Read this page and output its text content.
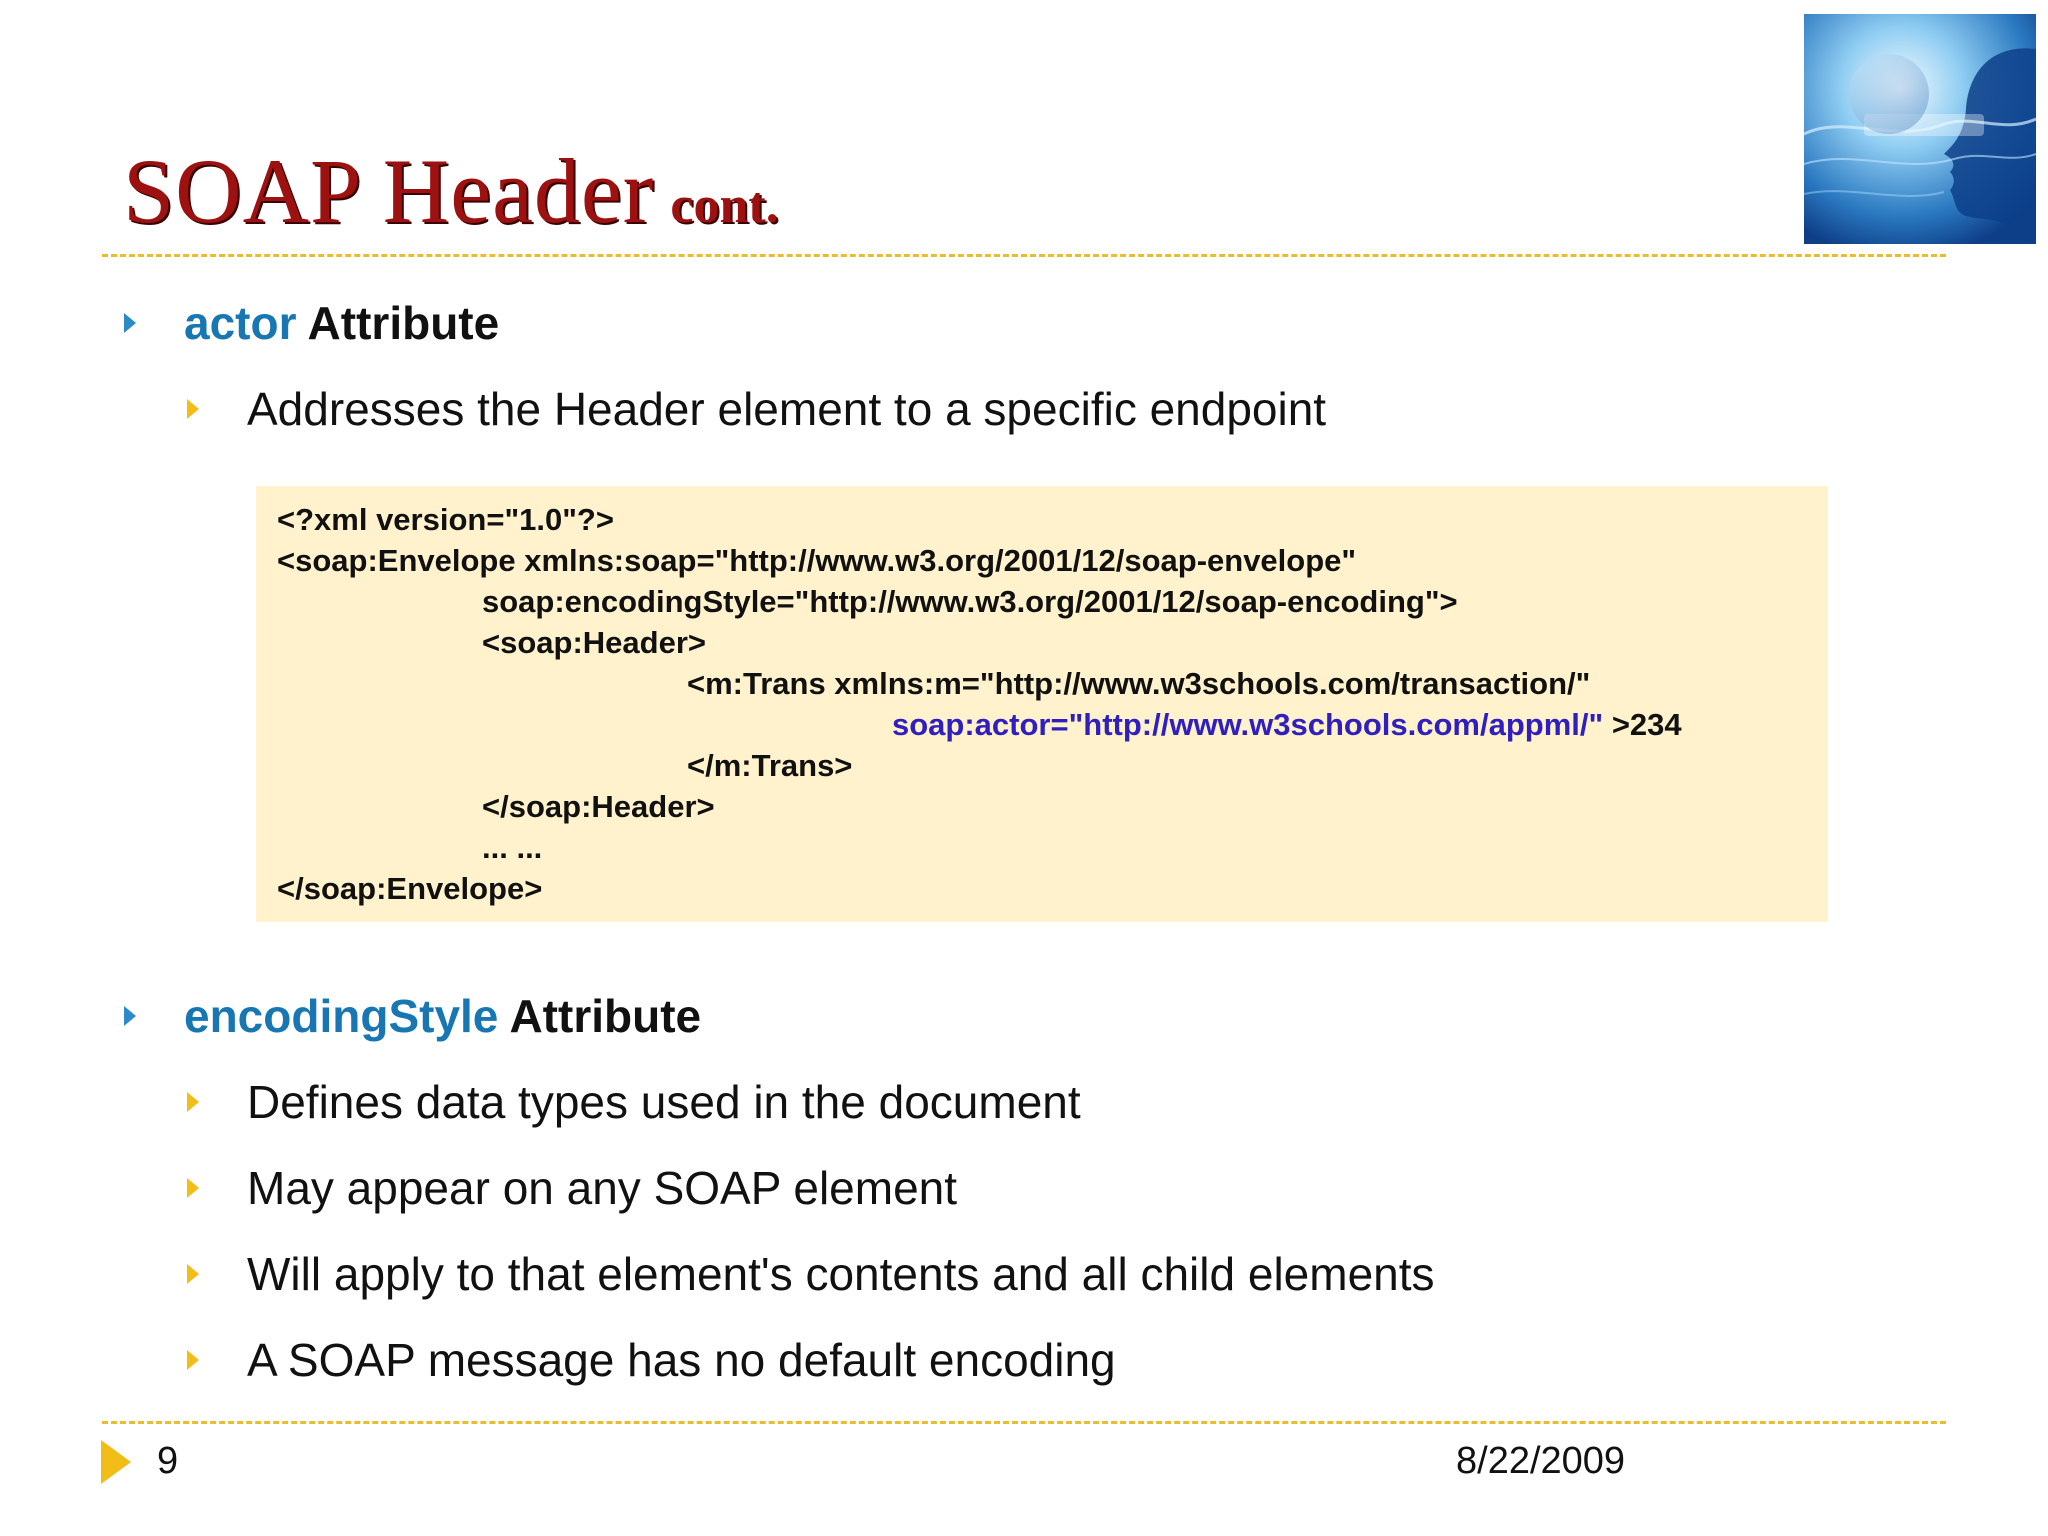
SOAP Header cont.
actor Attribute
Addresses the Header element to a specific endpoint
<?xml version="1.0"?>
<soap:Envelope xmlns:soap="http://www.w3.org/2001/12/soap-envelope"
soap:encodingStyle="http://www.w3.org/2001/12/soap-encoding">
<soap:Header>
<m:Trans xmlns:m="http://www.w3schools.com/transaction/"
soap:actor="http://www.w3schools.com/appml/" >234
</m:Trans>
</soap:Header>
... ...
</soap:Envelope>
encodingStyle Attribute
Defines data types used in the document
May appear on any SOAP element
Will apply to that element's contents and all child elements
A SOAP message has no default encoding
9	8/22/2009
